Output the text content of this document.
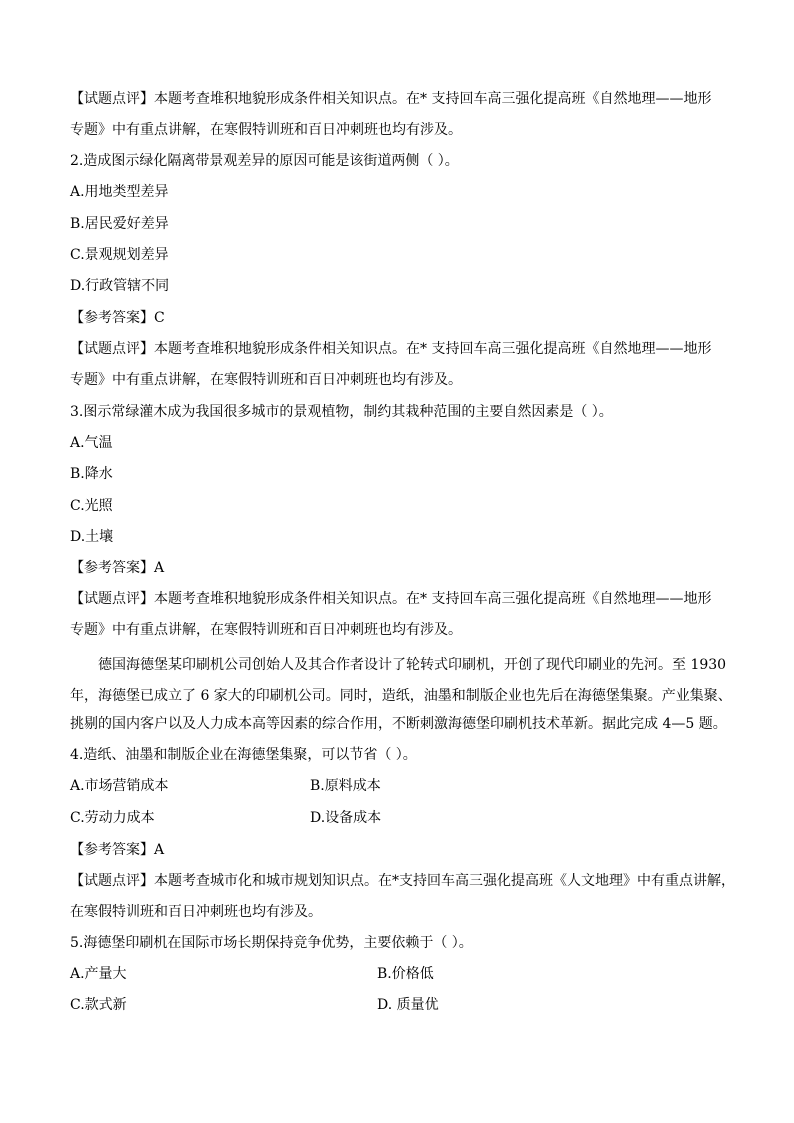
【试题点评】本题考查堆积地貌形成条件相关知识点。在* 支持回车高三强化提高班《自然地理——地形
专题》中有重点讲解，在寒假特训班和百日冲刺班也均有涉及。
2.造成图示绿化隔离带景观差异的原因可能是该街道两侧（ ）。
A.用地类型差异
B.居民爱好差异
C.景观规划差异
D.行政管辖不同
【参考答案】C
【试题点评】本题考查堆积地貌形成条件相关知识点。在* 支持回车高三强化提高班《自然地理——地形
专题》中有重点讲解，在寒假特训班和百日冲刺班也均有涉及。
3.图示常绿灌木成为我国很多城市的景观植物，制约其栽种范围的主要自然因素是（ ）。
A.气温
B.降水
C.光照
D.土壤
【参考答案】A
【试题点评】本题考查堆积地貌形成条件相关知识点。在* 支持回车高三强化提高班《自然地理——地形
专题》中有重点讲解，在寒假特训班和百日冲刺班也均有涉及。
德国海德堡某印刷机公司创始人及其合作者设计了轮转式印刷机，开创了现代印刷业的先河。至 1930
年，海德堡已成立了 6 家大的印刷机公司。同时，造纸，油墨和制版企业也先后在海德堡集聚。产业集聚、
挑剔的国内客户以及人力成本高等因素的综合作用，不断刺激海德堡印刷机技术革新。据此完成 4—5 题。
4.造纸、油墨和制版企业在海德堡集聚，可以节省（ ）。
A.市场营销成本	B.原料成本
C.劳动力成本	D.设备成本
【参考答案】A
【试题点评】本题考查城市化和城市规划知识点。在*支持回车高三强化提高班《人文地理》中有重点讲解，
在寒假特训班和百日冲刺班也均有涉及。
5.海德堡印刷机在国际市场长期保持竞争优势，主要依赖于（ ）。
A.产量大	B.价格低
C.款式新	D. 质量优
